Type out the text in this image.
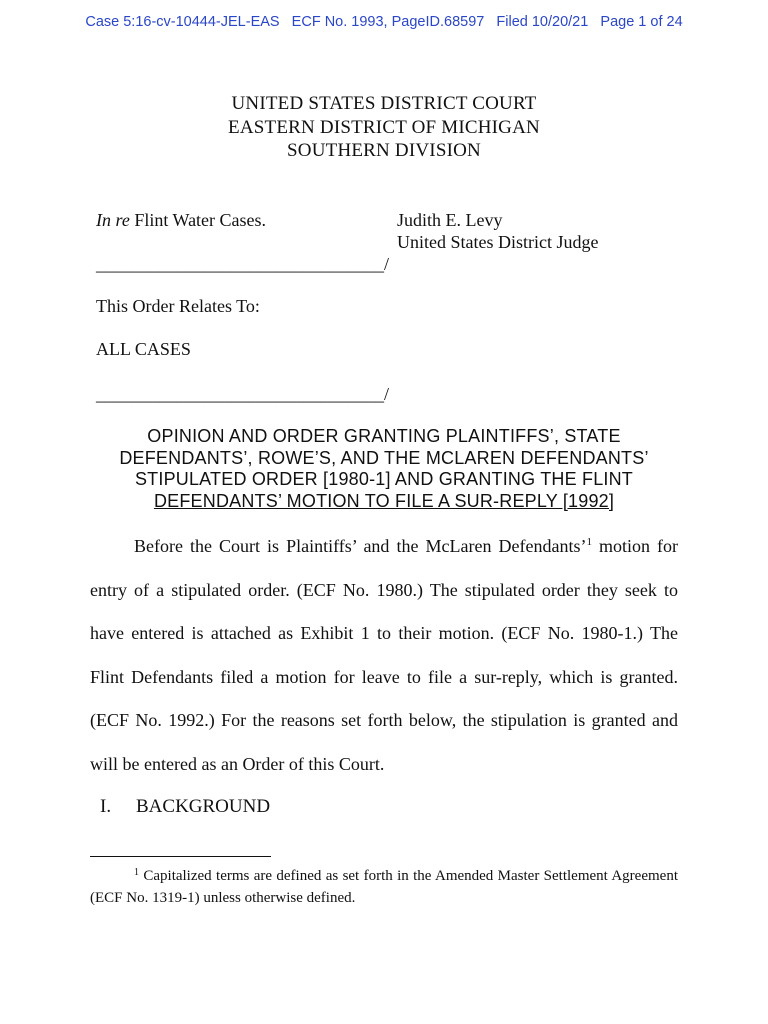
Case 5:16-cv-10444-JEL-EAS   ECF No. 1993, PageID.68597   Filed 10/20/21   Page 1 of 24
UNITED STATES DISTRICT COURT
EASTERN DISTRICT OF MICHIGAN
SOUTHERN DIVISION
In re Flint Water Cases.	Judith E. Levy
United States District Judge
________________________________/
This Order Relates To:
ALL CASES
________________________________/
OPINION AND ORDER GRANTING PLAINTIFFS’, STATE
DEFENDANTS’, ROWE’S, AND THE MCLAREN DEFENDANTS’
STIPULATED ORDER [1980-1] AND GRANTING THE FLINT
DEFENDANTS’ MOTION TO FILE A SUR-REPLY [1992]

Before the Court is Plaintiffs’ and the McLaren Defendants’$^1$ motion for entry of a stipulated order. (ECF No. 1980.) The stipulated order they seek to have entered is attached as Exhibit 1 to their motion. (ECF No. 1980-1.) The Flint Defendants filed a motion for leave to file a sur-reply, which is granted. (ECF No. 1992.) For the reasons set forth below, the stipulation is granted and will be entered as an Order of this Court.

I. BACKGROUND

$^1$ Capitalized terms are defined as set forth in the Amended Master Settlement Agreement (ECF No. 1319-1) unless otherwise defined.
